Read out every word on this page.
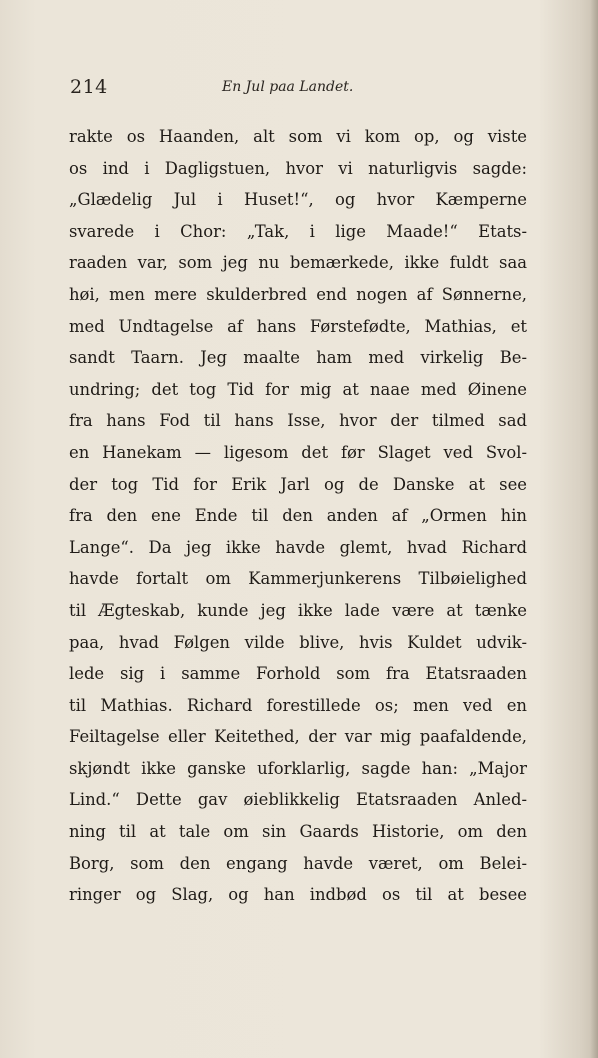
214	En Jul paa Landet.
rakte os Haanden, alt som vi kom op, og viste
os ind i Dagligstuen, hvor vi naturligvis sagde:
„Glædelig Jul i Huset!“, og hvor Kæmperne
svarede i Chor: „Tak, i lige Maade!“ Etats-
raaden var, som jeg nu bemærkede, ikke fuldt saa
høi, men mere skulderbred end nogen af Sønnerne,
med Undtagelse af hans Førstefødte, Mathias, et
sandt Taarn. Jeg maalte ham med virkelig Be-
undring; det tog Tid for mig at naae med Øinene
fra hans Fod til hans Isse, hvor der tilmed sad
en Hanekam — ligesom det før Slaget ved Svol-
der tog Tid for Erik Jarl og de Danske at see
fra den ene Ende til den anden af „Ormen hin
Lange“. Da jeg ikke havde glemt, hvad Richard
havde fortalt om Kammerjunkerens Tilbøielighed
til Ægteskab, kunde jeg ikke lade være at tænke
paa, hvad Følgen vilde blive, hvis Kuldet udvik-
lede sig i samme Forhold som fra Etatsraaden
til Mathias. Richard forestillede os; men ved en
Feiltagelse eller Keitethed, der var mig paafaldende,
skjøndt ikke ganske uforklarlig, sagde han: „Major
Lind.“ Dette gav øieblikkelig Etatsraaden Anled-
ning til at tale om sin Gaards Historie, om den
Borg, som den engang havde været, om Belei-
ringer og Slag, og han indbød os til at besee
